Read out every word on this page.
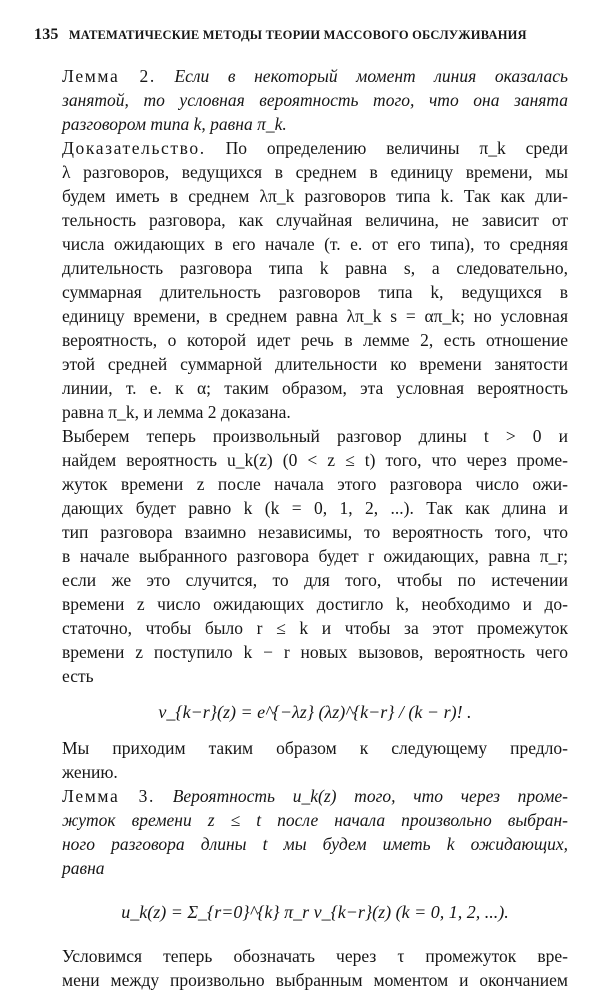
135 МАТЕМАТИЧЕСКИЕ МЕТОДЫ ТЕОРИИ МАССОВОГО ОБСЛУЖИВАНИЯ
Лемма 2. Если в некоторый момент линия оказалась
занятой, то условная вероятность того, что она занята
разговором типа k, равна π_k.
Доказательство. По определению величины π_k среди
λ разговоров, ведущихся в среднем в единицу времени, мы
будем иметь в среднем λπ_k разговоров типа k. Так как дли-
тельность разговора, как случайная величина, не зависит от
числа ожидающих в его начале (т. е. от его типа), то средняя
длительность разговора типа k равна s, а следовательно,
суммарная длительность разговоров типа k, ведущихся в
единицу времени, в среднем равна λπ_k s = απ_k; но условная
вероятность, о которой идет речь в лемме 2, есть отношение
этой средней суммарной длительности ко времени занятости
линии, т. е. к α; таким образом, эта условная вероятность
равна π_k, и лемма 2 доказана.
Выберем теперь произвольный разговор длины t > 0 и
найдем вероятность u_k(z) (0 < z ≤ t) того, что через проме-
жуток времени z после начала этого разговора число ожи-
дающих будет равно k (k = 0, 1, 2, ...). Так как длина и
тип разговора взаимно независимы, то вероятность того, что
в начале выбранного разговора будет r ожидающих, равна π_r;
если же это случится, то для того, чтобы по истечении
времени z число ожидающих достигло k, необходимо и до-
статочно, чтобы было r ≤ k и чтобы за этот промежуток
времени z поступило k − r новых вызовов, вероятность чего
есть
v_{k−r}(z) = e^{−λz} (λz)^{k−r} / (k − r)! .
Мы приходим таким образом к следующему предло-
жению.
Лемма 3. Вероятность u_k(z) того, что через проме-
жуток времени z ≤ t после начала произвольно выбран-
ного разговора длины t мы будем иметь k ожидающих,
равна
u_k(z) = Σ_{r=0}^{k} π_r v_{k−r}(z) (k = 0, 1, 2, ...).
Условимся теперь обозначать через τ промежуток вре-
мени между произвольно выбранным моментом и окончанием
